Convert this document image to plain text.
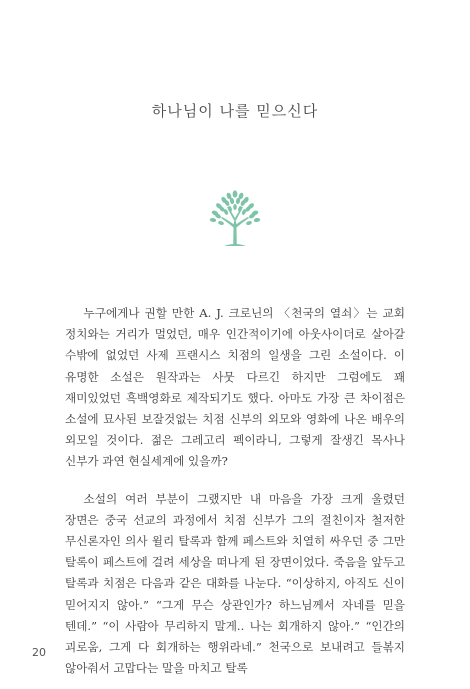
하나님이 나를 믿으신다

누구에게나 권할 만한 A. J. 크로닌의 〈천국의 열쇠〉는 교회 정치와는 거리가 멀었던, 매우 인간적이기에 아웃사이더로 살아갈 수밖에 없었던 사제 프랜시스 치점의 일생을 그린 소설이다. 이 유명한 소설은 원작과는 사뭇 다르긴 하지만 그럼에도 꽤 재미있었던 흑백영화로 제작되기도 했다. 아마도 가장 큰 차이점은 소설에 묘사된 보잘것없는 치점 신부의 외모와 영화에 나온 배우의 외모일 것이다. 젊은 그레고리 펙이라니, 그렇게 잘생긴 목사나 신부가 과연 현실세계에 있을까?

소설의 여러 부분이 그랬지만 내 마음을 가장 크게 울렸던 장면은 중국 선교의 과정에서 치점 신부가 그의 절친이자 철저한 무신론자인 의사 윌리 탈록과 함께 페스트와 치열히 싸우던 중 그만 탈록이 페스트에 걸려 세상을 떠나게 된 장면이었다. 죽음을 앞두고 탈록과 치점은 다음과 같은 대화를 나눈다. “이상하지, 아직도 신이 믿어지지 않아.” “그게 무슨 상관인가? 하느님께서 자네를 믿을 텐데.” “이 사람아 무리하지 말게.. 나는 회개하지 않아.” “인간의 괴로움, 그게 다 회개하는 행위라네.” 천국으로 보내려고 들볶지 않아줘서 고맙다는 말을 마치고 탈록

20
